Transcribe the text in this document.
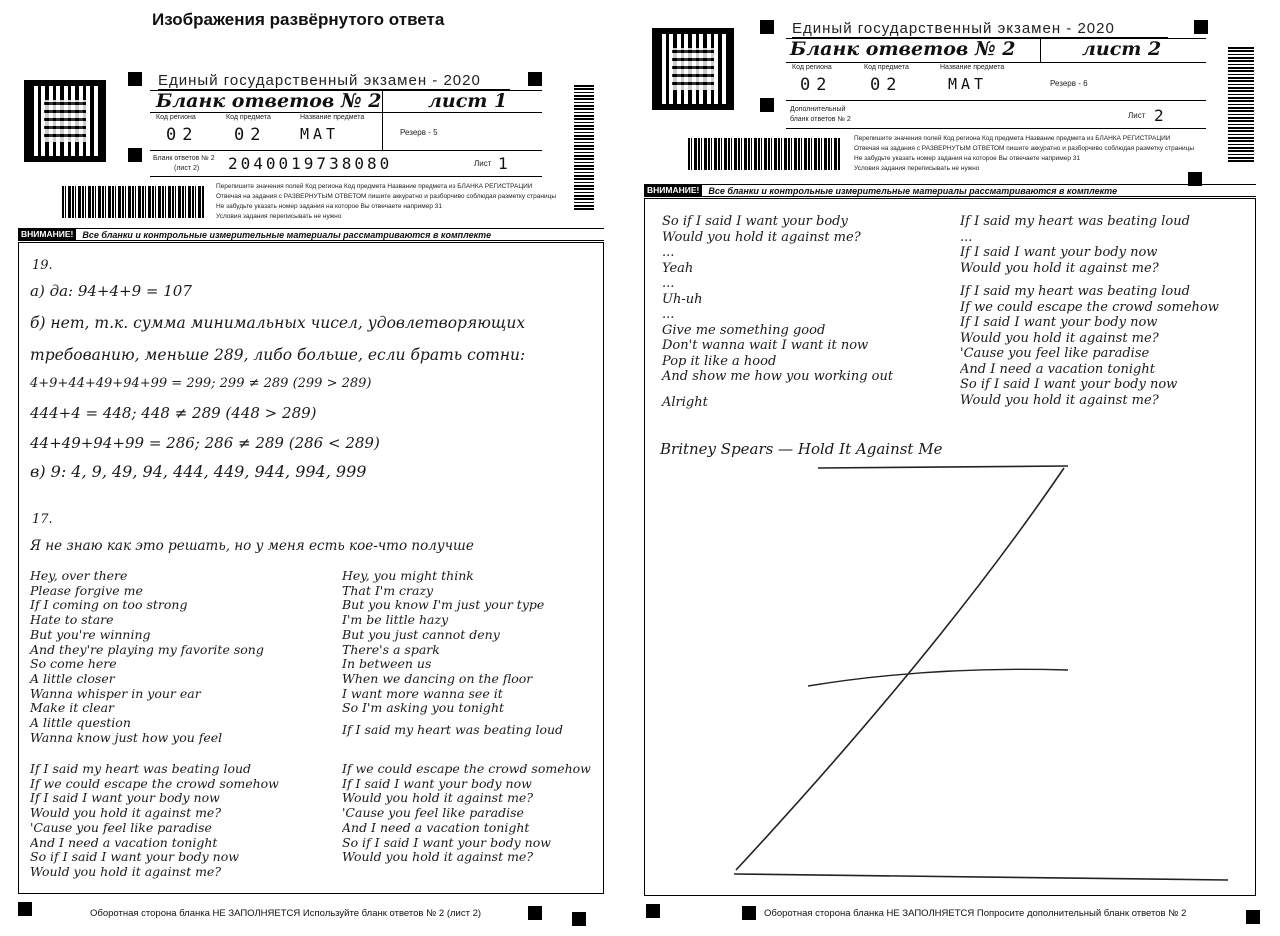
Изображения развёрнутого ответа
Единый государственный экзамен - 2020
Бланк ответов № 2 лист 1
Код региона	Код предмета	Название предмета
02 02 МАТ	Резерв - 5
Бланк ответов № 2
(лист 2) 2040019738080	Лист 1
Перепишите значения полей Код региона Код предмета Название предмета из БЛАНКА РЕГИСТРАЦИИ
Отвечая на задания с РАЗВЕРНУТЫМ ОТВЕТОМ пишите аккуратно и разборчиво соблюдая разметку страницы
Не забудьте указать номер задания на которое Вы отвечаете например 31
Условия задания переписывать не нужно
ВНИМАНИЕ!	Все бланки и контрольные измерительные материалы рассматриваются в комплекте
19.
а) да: 94+4+9 = 107
б) нет, т.к. сумма минимальных чисел, удовлетворяющих
требованию, меньше 289, либо больше, если брать сотни:
4+9+44+49+94+99 = 299; 299 ≠ 289 (299 > 289)
444+4 = 448; 448 ≠ 289 (448 > 289)
44+49+94+99 = 286; 286 ≠ 289 (286 < 289)
в) 9: 4, 9, 49, 94, 444, 449, 944, 994, 999
17.
Я не знаю как это решать, но у меня есть кое-что получше
Hey, over there
Please forgive me
If I coming on too strong
Hate to stare
But you're winning
And they're playing my favorite song
So come here
A little closer
Wanna whisper in your ear
Make it clear
A little question
Wanna know just how you feel
Hey, you might think
That I'm crazy
But you know I'm just your type
I'm be little hazy
But you just cannot deny
There's a spark
In between us
When we dancing on the floor
I want more wanna see it
So I'm asking you tonight
If I said my heart was beating loud
If I said my heart was beating loud
If we could escape the crowd somehow
If I said I want your body now
Would you hold it against me?
'Cause you feel like paradise
And I need a vacation tonight
So if I said I want your body now
Would you hold it against me?
If we could escape the crowd somehow
If I said I want your body now
Would you hold it against me?
'Cause you feel like paradise
And I need a vacation tonight
So if I said I want your body now
Would you hold it against me?
Оборотная сторона бланка НЕ ЗАПОЛНЯЕТСЯ Используйте бланк ответов № 2 (лист 2)
Единый государственный экзамен - 2020
Бланк ответов № 2	лист 2
Код региона	Код предмета	Название предмета
02 02	МАТ	Резерв - 6
Дополнительный
бланк ответов № 2	Лист 2
Перепишите значения полей Код региона Код предмета Название предмета из БЛАНКА РЕГИСТРАЦИИ
Отвечая на задания с РАЗВЕРНУТЫМ ОТВЕТОМ пишите аккуратно и разборчиво соблюдая разметку страницы
Не забудьте указать номер задания на которое Вы отвечаете например 31
Условия задания переписывать не нужно
ВНИМАНИЕ!	Все бланки и контрольные измерительные материалы рассматриваются в комплекте
So if I said I want your body
Would you hold it against me?
...
Yeah
...
Uh-uh
...
Give me something good
Don't wanna wait I want it now
Pop it like a hood
And show me how you working out
Alright
If I said my heart was beating loud
...
If I said I want your body now
Would you hold it against me?
If I said my heart was beating loud
If we could escape the crowd somehow
If I said I want your body now
Would you hold it against me?
'Cause you feel like paradise
And I need a vacation tonight
So if I said I want your body now
Would you hold it against me?
Britney Spears — Hold It Against Me
Оборотная сторона бланка НЕ ЗАПОЛНЯЕТСЯ Попросите дополнительный бланк ответов № 2
